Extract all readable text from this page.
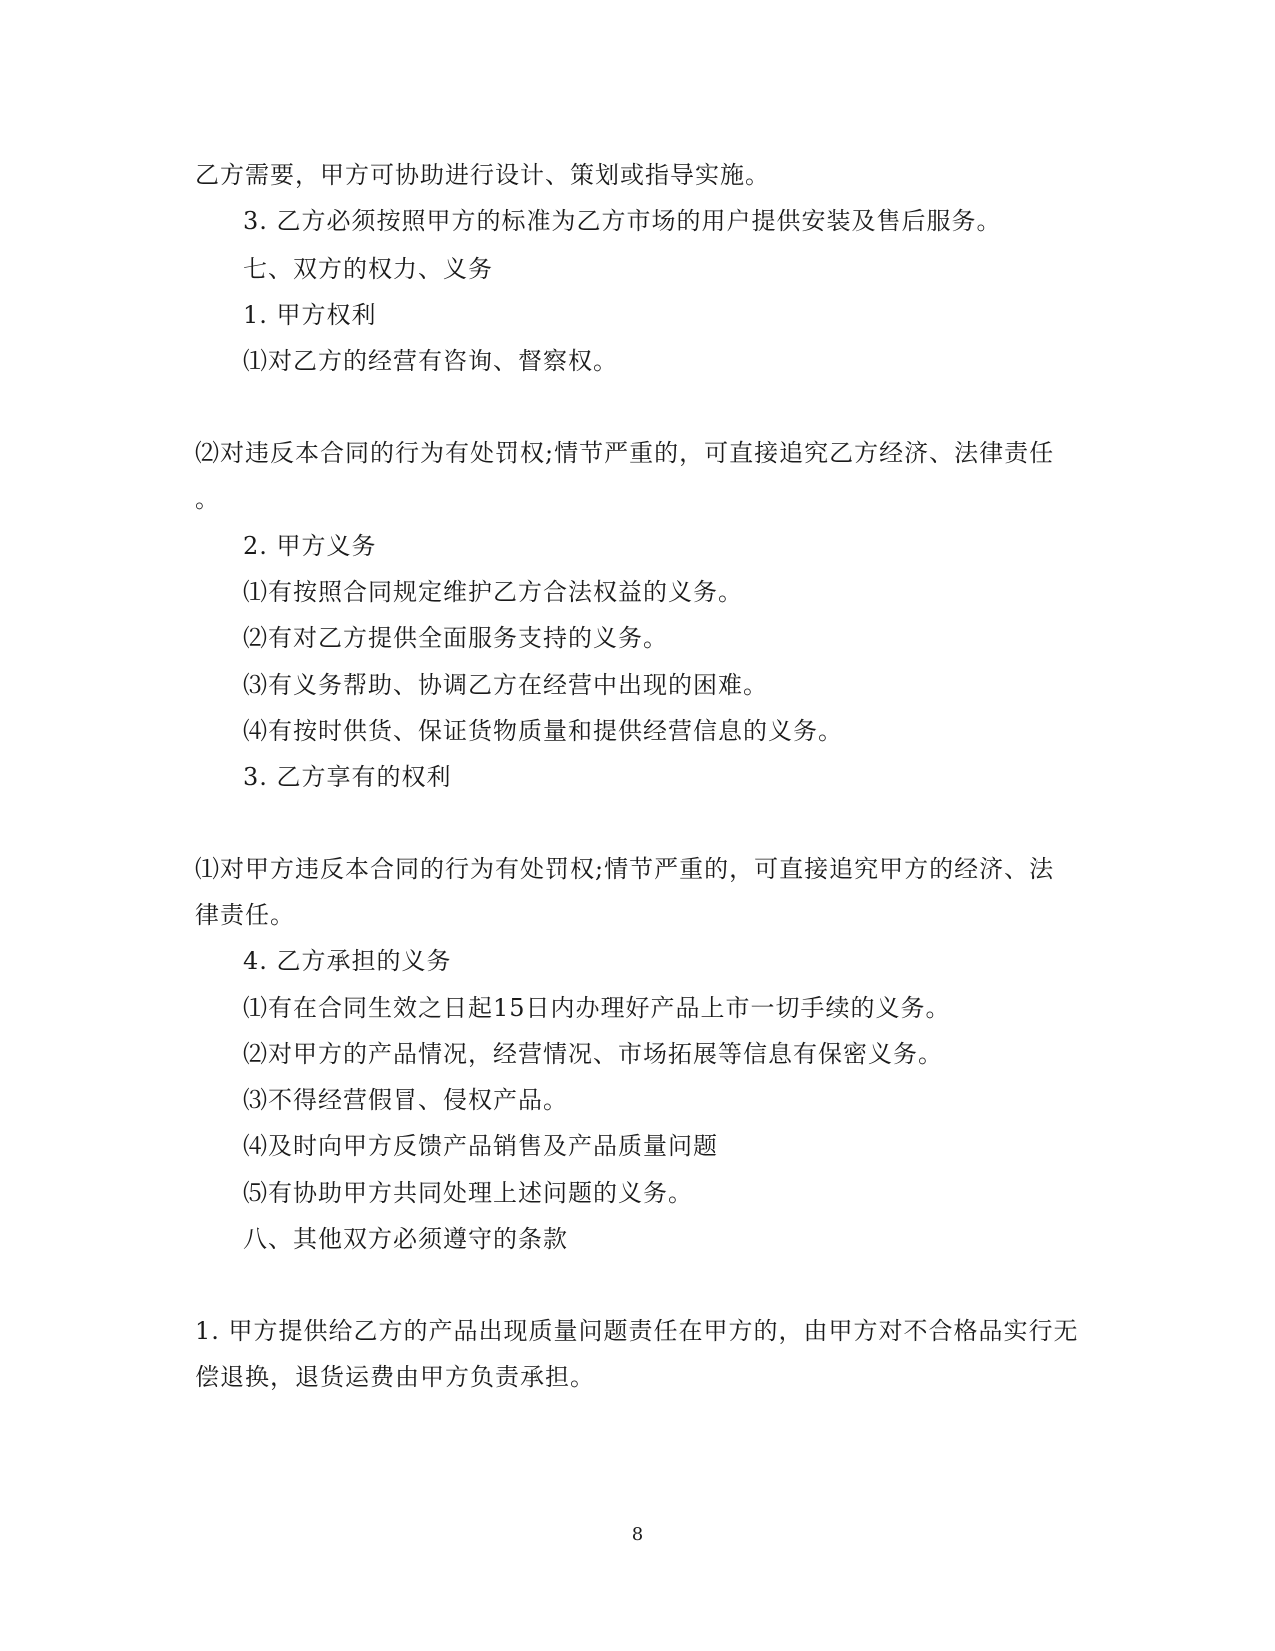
乙方需要，甲方可协助进行设计、策划或指导实施。
3. 乙方必须按照甲方的标准为乙方市场的用户提供安装及售后服务。
七、双方的权力、义务
1. 甲方权利
⑴对乙方的经营有咨询、督察权。
⑵对违反本合同的行为有处罚权;情节严重的，可直接追究乙方经济、法律责任
。
2. 甲方义务
⑴有按照合同规定维护乙方合法权益的义务。
⑵有对乙方提供全面服务支持的义务。
⑶有义务帮助、协调乙方在经营中出现的困难。
⑷有按时供货、保证货物质量和提供经营信息的义务。
3. 乙方享有的权利
⑴对甲方违反本合同的行为有处罚权;情节严重的，可直接追究甲方的经济、法
律责任。
4. 乙方承担的义务
⑴有在合同生效之日起15日内办理好产品上市一切手续的义务。
⑵对甲方的产品情况，经营情况、市场拓展等信息有保密义务。
⑶不得经营假冒、侵权产品。
⑷及时向甲方反馈产品销售及产品质量问题
⑸有协助甲方共同处理上述问题的义务。
八、其他双方必须遵守的条款
1. 甲方提供给乙方的产品出现质量问题责任在甲方的，由甲方对不合格品实行无
偿退换，退货运费由甲方负责承担。
8
